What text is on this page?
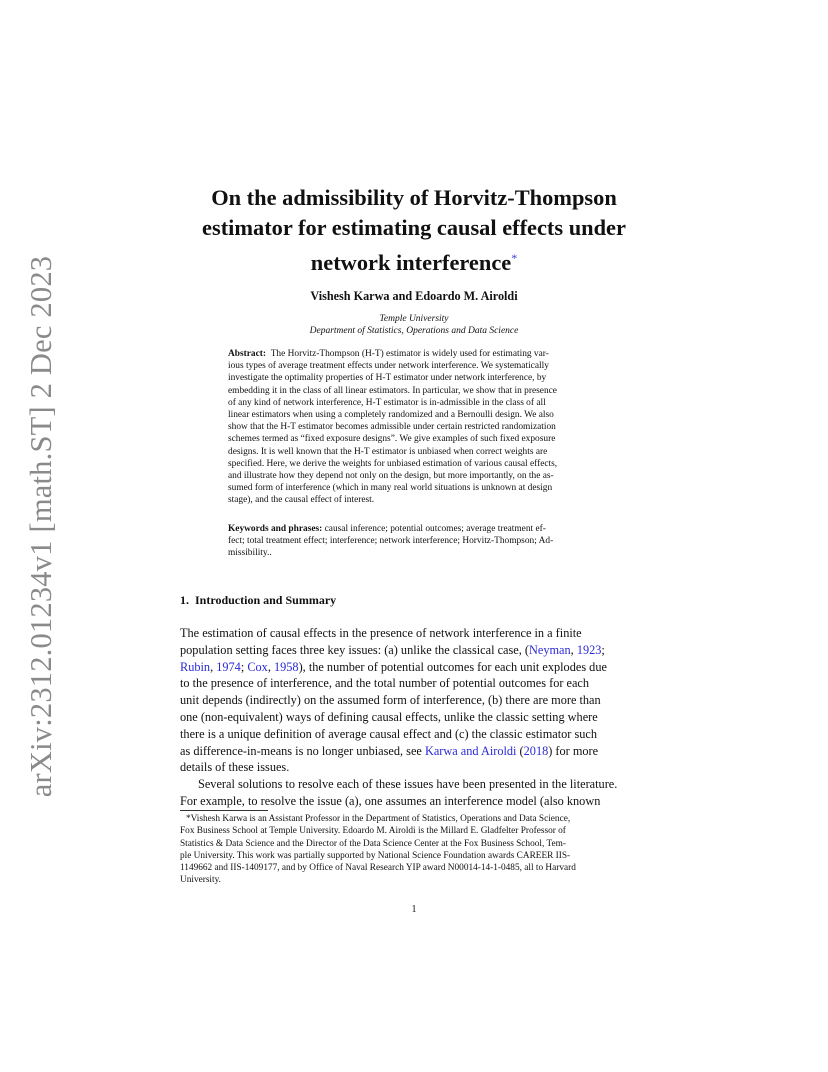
arXiv:2312.01234v1 [math.ST] 2 Dec 2023
On the admissibility of Horvitz-Thompson
estimator for estimating causal effects under
network interference*
Vishesh Karwa and Edoardo M. Airoldi
Temple University
Department of Statistics, Operations and Data Science
Abstract: The Horvitz-Thompson (H-T) estimator is widely used for estimating var-
ious types of average treatment effects under network interference. We systematically
investigate the optimality properties of H-T estimator under network interference, by
embedding it in the class of all linear estimators. In particular, we show that in presence
of any kind of network interference, H-T estimator is in-admissible in the class of all
linear estimators when using a completely randomized and a Bernoulli design. We also
show that the H-T estimator becomes admissible under certain restricted randomization
schemes termed as “fixed exposure designs”. We give examples of such fixed exposure
designs. It is well known that the H-T estimator is unbiased when correct weights are
specified. Here, we derive the weights for unbiased estimation of various causal effects,
and illustrate how they depend not only on the design, but more importantly, on the as-
sumed form of interference (which in many real world situations is unknown at design
stage), and the causal effect of interest.
Keywords and phrases: causal inference; potential outcomes; average treatment ef-
fect; total treatment effect; interference; network interference; Horvitz-Thompson; Ad-
missibility..
1. Introduction and Summary
The estimation of causal effects in the presence of network interference in a finite
population setting faces three key issues: (a) unlike the classical case, (Neyman, 1923;
Rubin, 1974; Cox, 1958), the number of potential outcomes for each unit explodes due
to the presence of interference, and the total number of potential outcomes for each
unit depends (indirectly) on the assumed form of interference, (b) there are more than
one (non-equivalent) ways of defining causal effects, unlike the classic setting where
there is a unique definition of average causal effect and (c) the classic estimator such
as difference-in-means is no longer unbiased, see Karwa and Airoldi (2018) for more
details of these issues.
Several solutions to resolve each of these issues have been presented in the literature.
For example, to resolve the issue (a), one assumes an interference model (also known
*Vishesh Karwa is an Assistant Professor in the Department of Statistics, Operations and Data Science,
Fox Business School at Temple University. Edoardo M. Airoldi is the Millard E. Gladfelter Professor of
Statistics & Data Science and the Director of the Data Science Center at the Fox Business School, Tem-
ple University. This work was partially supported by National Science Foundation awards CAREER IIS-
1149662 and IIS-1409177, and by Office of Naval Research YIP award N00014-14-1-0485, all to Harvard
University.
1
